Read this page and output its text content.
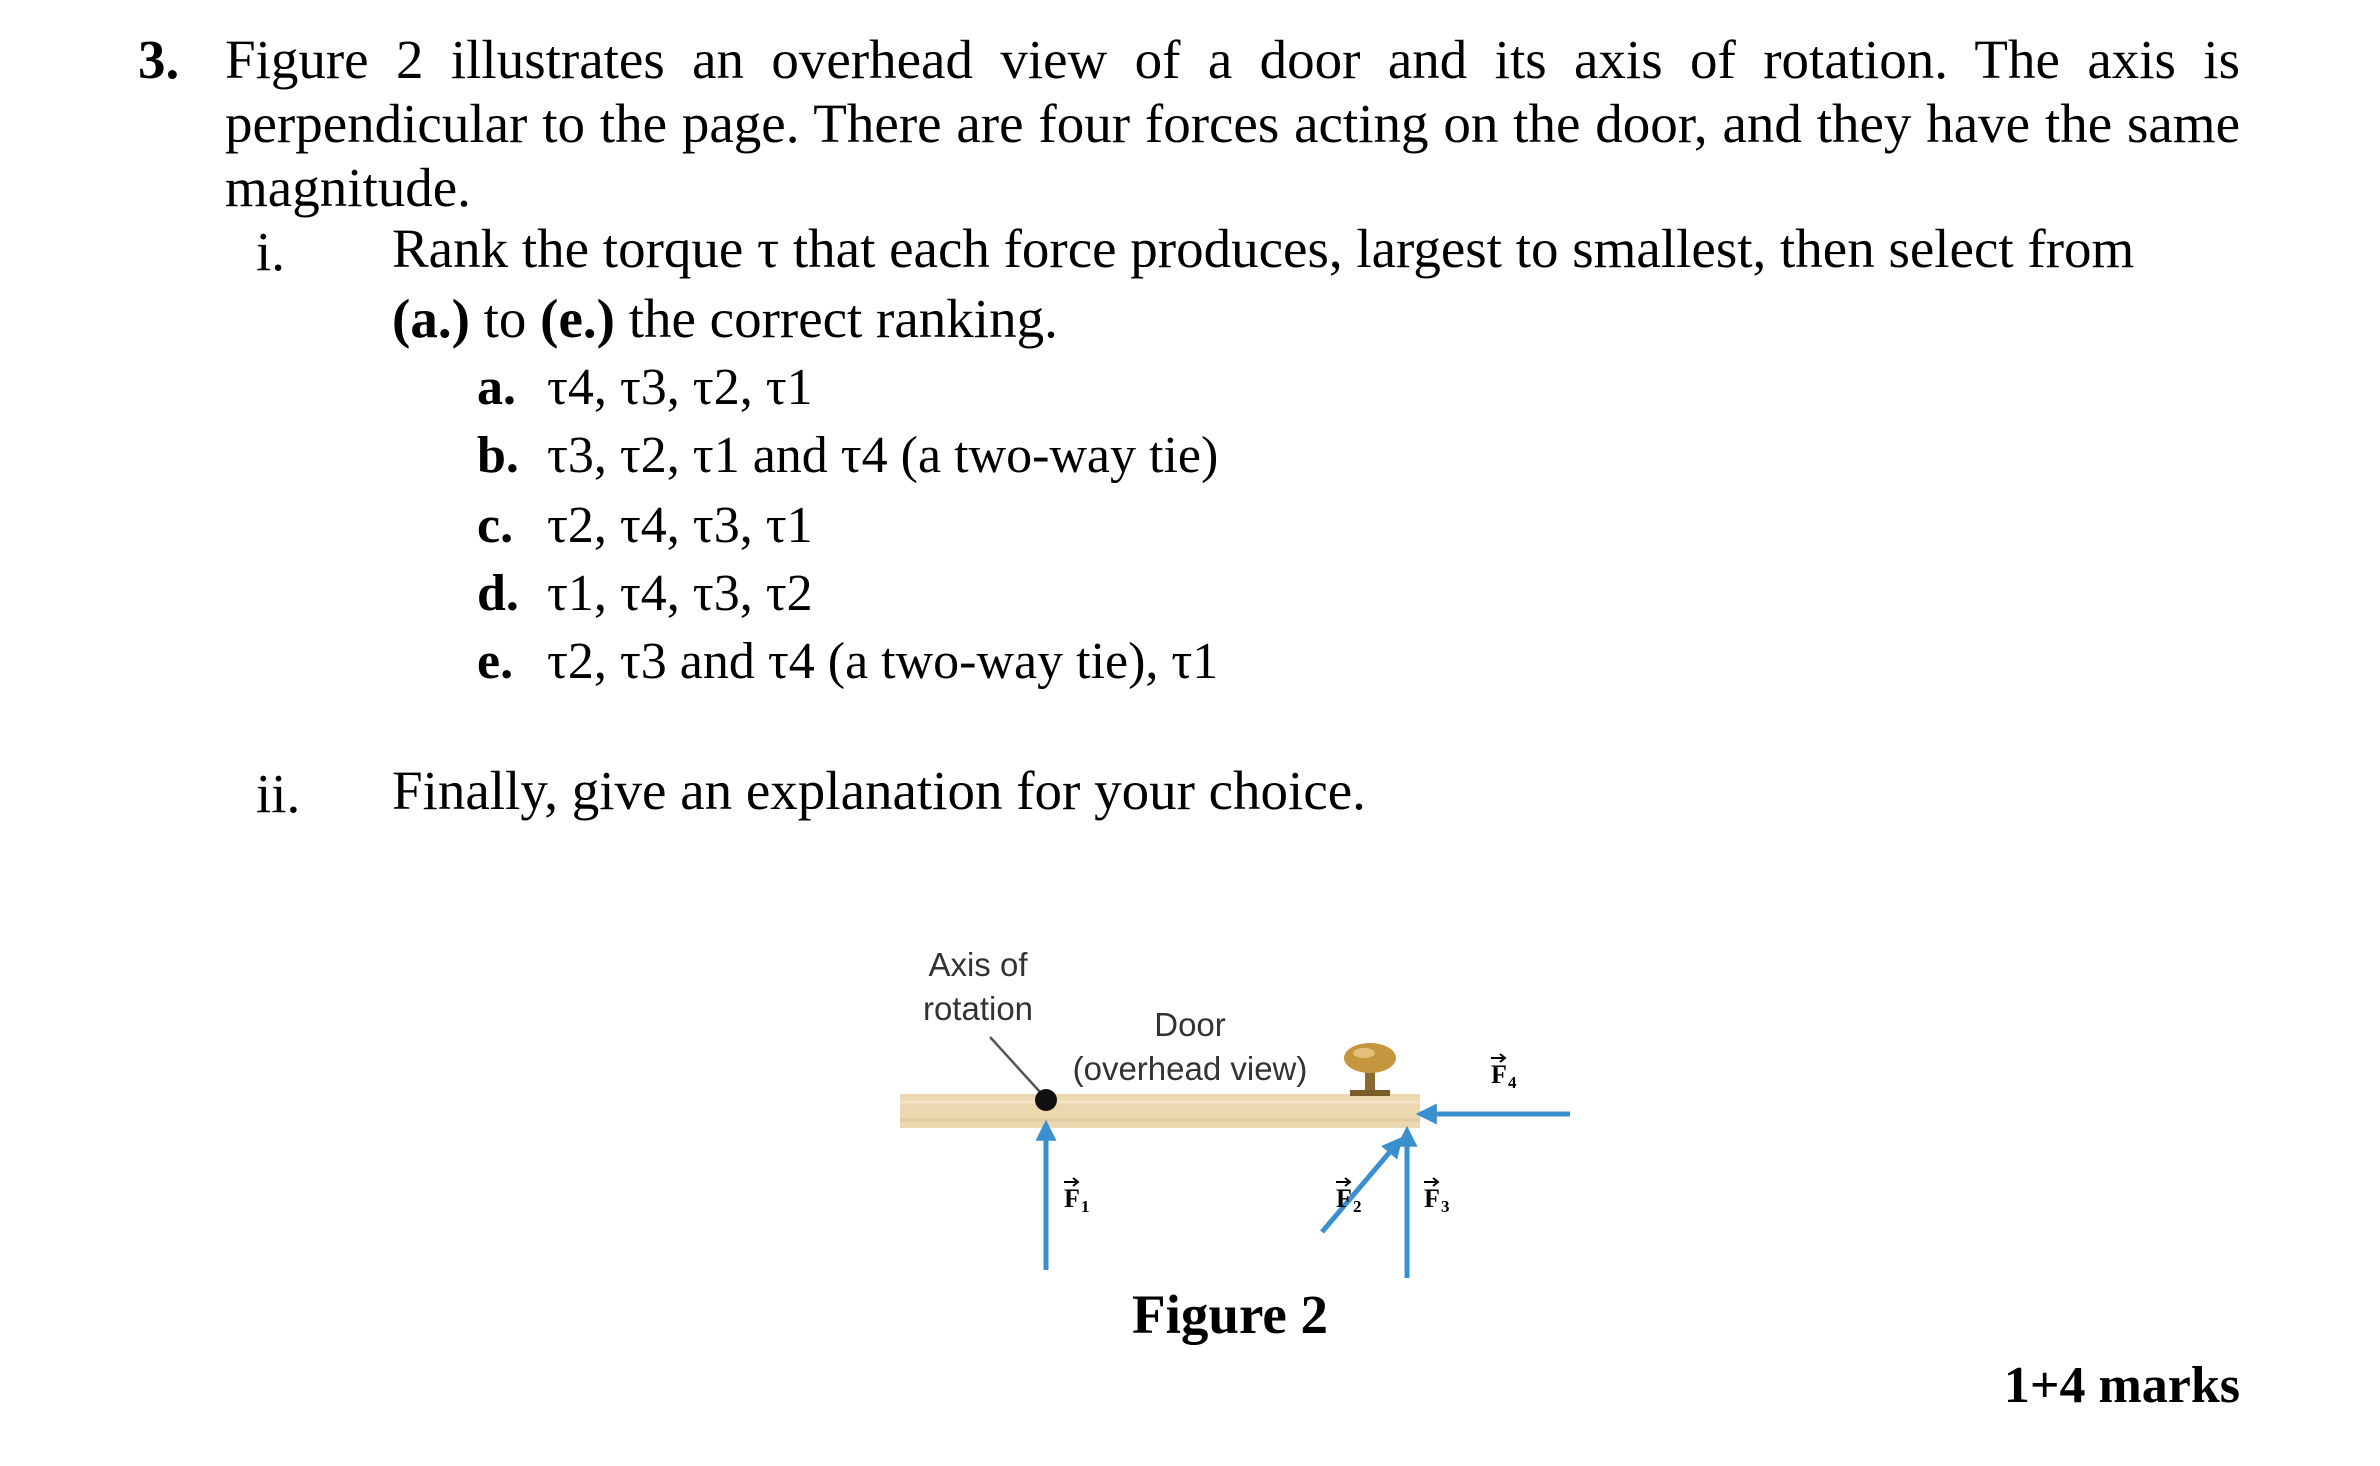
3. Figure 2 illustrates an overhead view of a door and its axis of rotation. The axis is perpendicular to the page. There are four forces acting on the door, and they have the same magnitude.
i. Rank the torque τ that each force produces, largest to smallest, then select from
(a.) to (e.) the correct ranking.
a. τ4, τ3, τ2, τ1
b. τ3, τ2, τ1 and τ4 (a two-way tie)
c. τ2, τ4, τ3, τ1
d. τ1, τ4, τ3, τ2
e. τ2, τ3 and τ4 (a two-way tie), τ1
ii. Finally, give an explanation for your choice.
Axis of
rotation	Door
(overhead view)
F 1	F 2 F 3
F 4
Figure 2
1+4 marks
